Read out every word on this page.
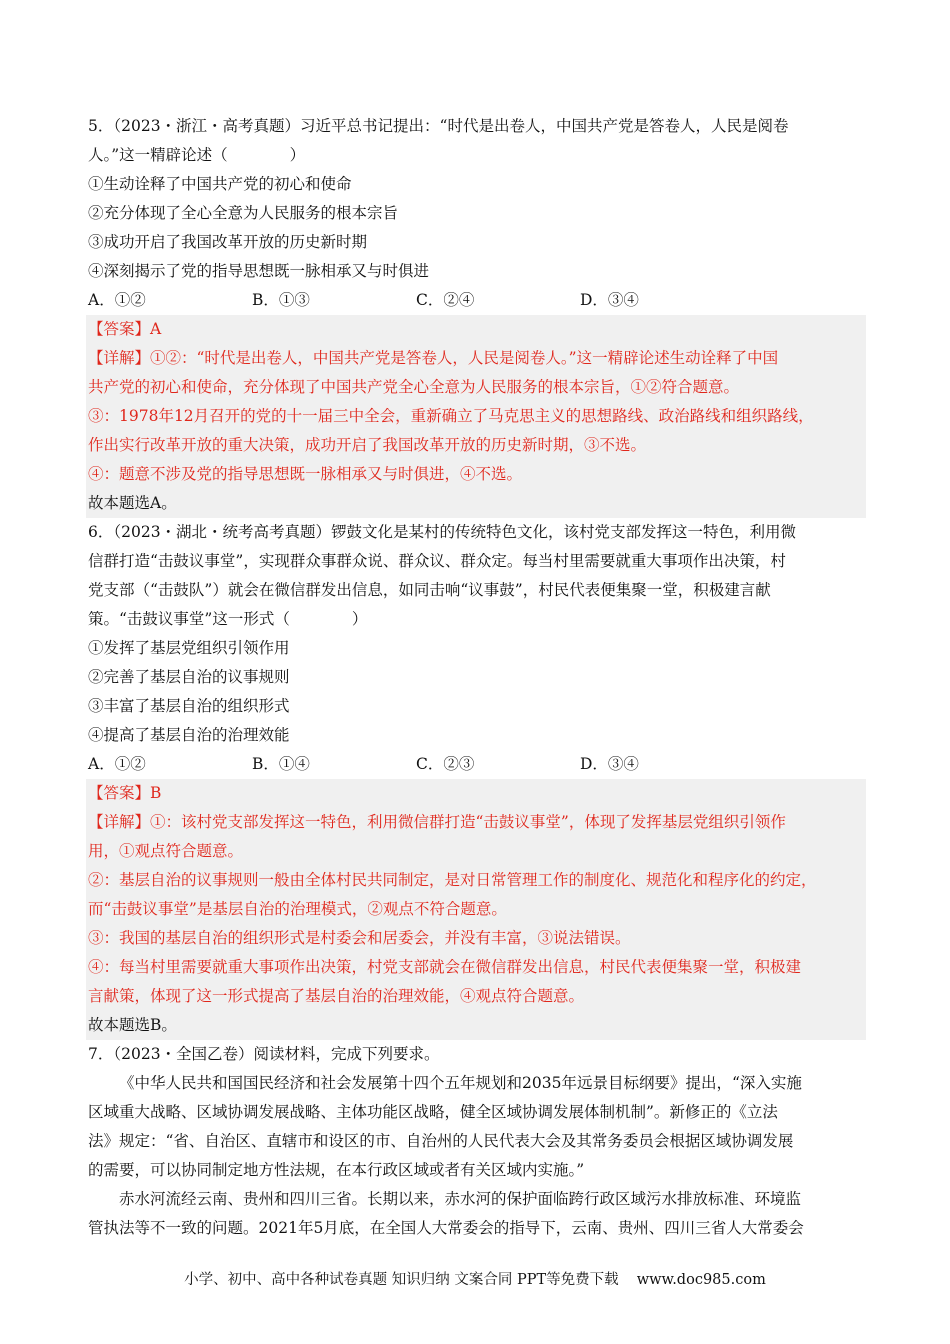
5．（2023・浙江・高考真题）习近平总书记提出：“时代是出卷人，中国共产党是答卷人，人民是阅卷
人。”这一精辟论述（　　　　）
①生动诠释了中国共产党的初心和使命
②充分体现了全心全意为人民服务的根本宗旨
③成功开启了我国改革开放的历史新时期
④深刻揭示了党的指导思想既一脉相承又与时俱进
A．①②	B．①③	C．②④	D．③④
【答案】A
【详解】①②：“时代是出卷人，中国共产党是答卷人，人民是阅卷人。”这一精辟论述生动诠释了中国
共产党的初心和使命，充分体现了中国共产党全心全意为人民服务的根本宗旨，①②符合题意。
③：1978年12月召开的党的十一届三中全会，重新确立了马克思主义的思想路线、政治路线和组织路线，
作出实行改革开放的重大决策，成功开启了我国改革开放的历史新时期，③不选。
④：题意不涉及党的指导思想既一脉相承又与时俱进，④不选。
故本题选A。
6．（2023・湖北・统考高考真题）锣鼓文化是某村的传统特色文化，该村党支部发挥这一特色，利用微
信群打造“击鼓议事堂”，实现群众事群众说、群众议、群众定。每当村里需要就重大事项作出决策，村
党支部（“击鼓队”）就会在微信群发出信息，如同击响“议事鼓”，村民代表便集聚一堂，积极建言献
策。“击鼓议事堂”这一形式（　　　　）
①发挥了基层党组织引领作用
②完善了基层自治的议事规则
③丰富了基层自治的组织形式
④提高了基层自治的治理效能
A．①②	B．①④	C．②③	D．③④
【答案】B
【详解】①：该村党支部发挥这一特色，利用微信群打造“击鼓议事堂”，体现了发挥基层党组织引领作
用，①观点符合题意。
②：基层自治的议事规则一般由全体村民共同制定，是对日常管理工作的制度化、规范化和程序化的约定，
而“击鼓议事堂”是基层自治的治理模式，②观点不符合题意。
③：我国的基层自治的组织形式是村委会和居委会，并没有丰富，③说法错误。
④：每当村里需要就重大事项作出决策，村党支部就会在微信群发出信息，村民代表便集聚一堂，积极建
言献策，体现了这一形式提高了基层自治的治理效能，④观点符合题意。
故本题选B。
7．（2023・全国乙卷）阅读材料，完成下列要求。
《中华人民共和国国民经济和社会发展第十四个五年规划和2035年远景目标纲要》提出，“深入实施
区域重大战略、区域协调发展战略、主体功能区战略，健全区域协调发展体制机制”。新修正的《立法
法》规定：“省、自治区、直辖市和设区的市、自治州的人民代表大会及其常务委员会根据区域协调发展
的需要，可以协同制定地方性法规，在本行政区域或者有关区域内实施。”
赤水河流经云南、贵州和四川三省。长期以来，赤水河的保护面临跨行政区域污水排放标准、环境监
管执法等不一致的问题。2021年5月底，在全国人大常委会的指导下，云南、贵州、四川三省人大常委会
小学、初中、高中各种试卷真题 知识归纳 文案合同 PPT等免费下载 www.doc985.com
